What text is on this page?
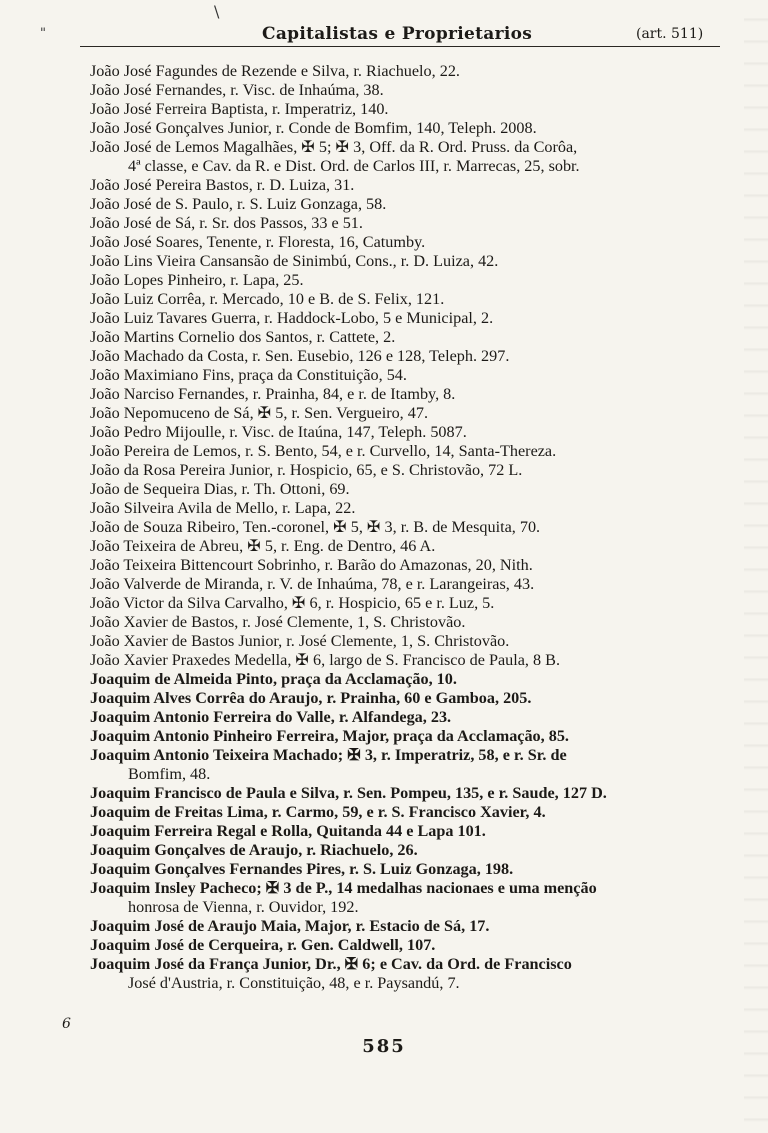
"
\
Capitalistas e Proprietarios	(art. 511)
João José Fagundes de Rezende e Silva, r. Riachuelo, 22.
João José Fernandes, r. Visc. de Inhaúma, 38.
João José Ferreira Baptista, r. Imperatriz, 140.
João José Gonçalves Junior, r. Conde de Bomfim, 140, Teleph. 2008.
João José de Lemos Magalhães, ✠ 5; ✠ 3, Off. da R. Ord. Pruss. da Corôa,
4ª classe, e Cav. da R. e Dist. Ord. de Carlos III, r. Marrecas, 25, sobr.
João José Pereira Bastos, r. D. Luiza, 31.
João José de S. Paulo, r. S. Luiz Gonzaga, 58.
João José de Sá, r. Sr. dos Passos, 33 e 51.
João José Soares, Tenente, r. Floresta, 16, Catumby.
João Lins Vieira Cansansão de Sinimbú, Cons., r. D. Luiza, 42.
João Lopes Pinheiro, r. Lapa, 25.
João Luiz Corrêa, r. Mercado, 10 e B. de S. Felix, 121.
João Luiz Tavares Guerra, r. Haddock-Lobo, 5 e Municipal, 2.
João Martins Cornelio dos Santos, r. Cattete, 2.
João Machado da Costa, r. Sen. Eusebio, 126 e 128, Teleph. 297.
João Maximiano Fins, praça da Constituição, 54.
João Narciso Fernandes, r. Prainha, 84, e r. de Itamby, 8.
João Nepomuceno de Sá, ✠ 5, r. Sen. Vergueiro, 47.
João Pedro Mijoulle, r. Visc. de Itaúna, 147, Teleph. 5087.
João Pereira de Lemos, r. S. Bento, 54, e r. Curvello, 14, Santa-Thereza.
João da Rosa Pereira Junior, r. Hospicio, 65, e S. Christovão, 72 L.
João de Sequeira Dias, r. Th. Ottoni, 69.
João Silveira Avila de Mello, r. Lapa, 22.
João de Souza Ribeiro, Ten.-coronel, ✠ 5, ✠ 3, r. B. de Mesquita, 70.
João Teixeira de Abreu, ✠ 5, r. Eng. de Dentro, 46 A.
João Teixeira Bittencourt Sobrinho, r. Barão do Amazonas, 20, Nith.
João Valverde de Miranda, r. V. de Inhaúma, 78, e r. Larangeiras, 43.
João Victor da Silva Carvalho, ✠ 6, r. Hospicio, 65 e r. Luz, 5.
João Xavier de Bastos, r. José Clemente, 1, S. Christovão.
João Xavier de Bastos Junior, r. José Clemente, 1, S. Christovão.
João Xavier Praxedes Medella, ✠ 6, largo de S. Francisco de Paula, 8 B.
Joaquim de Almeida Pinto, praça da Acclamação, 10.
Joaquim Alves Corrêa do Araujo, r. Prainha, 60 e Gamboa, 205.
Joaquim Antonio Ferreira do Valle, r. Alfandega, 23.
Joaquim Antonio Pinheiro Ferreira, Major, praça da Acclamação, 85.
Joaquim Antonio Teixeira Machado; ✠ 3, r. Imperatriz, 58, e r. Sr. de
Bomfim, 48.
Joaquim Francisco de Paula e Silva, r. Sen. Pompeu, 135, e r. Saude, 127 D.
Joaquim de Freitas Lima, r. Carmo, 59, e r. S. Francisco Xavier, 4.
Joaquim Ferreira Regal e Rolla, Quitanda 44 e Lapa 101.
Joaquim Gonçalves de Araujo, r. Riachuelo, 26.
Joaquim Gonçalves Fernandes Pires, r. S. Luiz Gonzaga, 198.
Joaquim Insley Pacheco; ✠ 3 de P., 14 medalhas nacionaes e uma menção
honrosa de Vienna, r. Ouvidor, 192.
Joaquim José de Araujo Maia, Major, r. Estacio de Sá, 17.
Joaquim José de Cerqueira, r. Gen. Caldwell, 107.
Joaquim José da França Junior, Dr., ✠ 6; e Cav. da Ord. de Francisco
José d'Austria, r. Constituição, 48, e r. Paysandú, 7.
6
585
